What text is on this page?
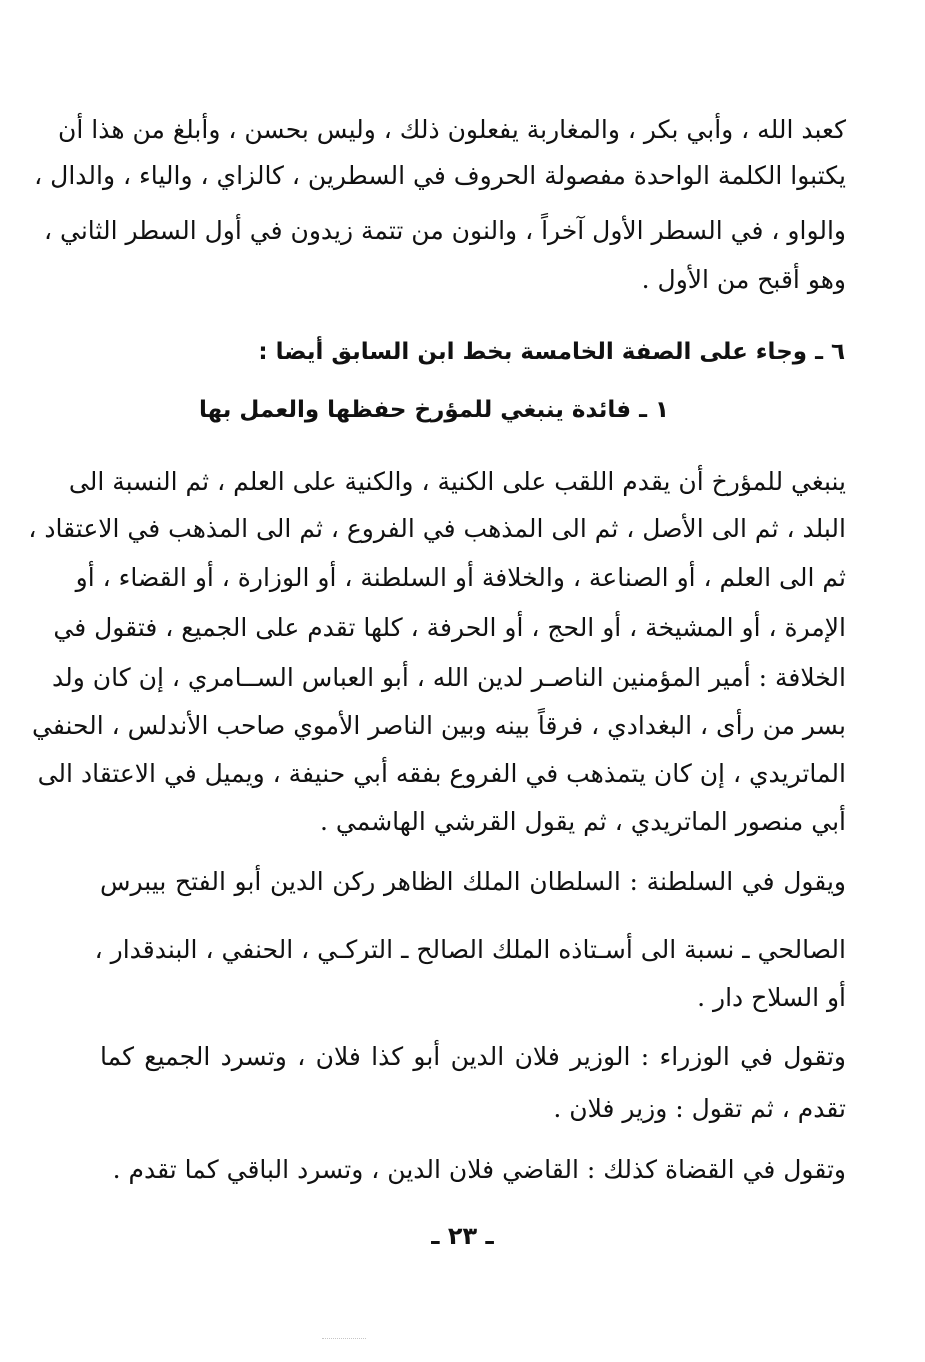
كعبد الله ، وأبي بكر ، والمغاربة يفعلون ذلك ، وليس بحسن ، وأبلغ من هذا أن
يكتبوا الكلمة الواحدة مفصولة الحروف في السطرين ، كالزاي ، والياء ، والدال ،
والواو ، في السطر الأول آخراً ، والنون من تتمة زيدون في أول السطر الثاني ،
وهو أقبح من الأول .
٦ ـ وجاء على الصفة الخامسة بخط ابن السابق أيضا :
١ ـ فائدة ينبغي للمؤرخ حفظها والعمل بها
ينبغي للمؤرخ أن يقدم اللقب على الكنية ، والكنية على العلم ، ثم النسبة الى
البلد ، ثم الى الأصل ، ثم الى المذهب في الفروع ، ثم الى المذهب في الاعتقاد ،
ثم الى العلم ، أو الصناعة ، والخلافة أو السلطنة ، أو الوزارة ، أو القضاء ، أو
الإمرة ، أو المشيخة ، أو الحج ، أو الحرفة ، كلها تقدم على الجميع ، فتقول في
الخلافة : أمير المؤمنين الناصـر لدين الله ، أبو العباس الســامري ، إن كان ولد
بسر من رأى ، البغدادي ، فرقاً بينه وبين الناصر الأموي صاحب الأندلس ، الحنفي
الماتريدي ، إن كان يتمذهب في الفروع بفقه أبي حنيفة ، ويميل في الاعتقاد الى
أبي منصور الماتريدي ، ثم يقول القرشي الهاشمي .
ويقول في السلطنة : السلطان الملك الظاهر ركن الدين أبو الفتح بيبرس
الصالحي ـ نسبة الى أسـتاذه الملك الصالح ـ التركـي ، الحنفي ، البندقدار ،
أو السلاح دار .
وتقول في الوزراء : الوزير فلان الدين أبو كذا فلان ، وتسرد الجميع كما
تقدم ، ثم تقول : وزير فلان .
وتقول في القضاة كذلك : القاضي فلان الدين ، وتسرد الباقي كما تقدم .
ـ ٢٣ ـ
